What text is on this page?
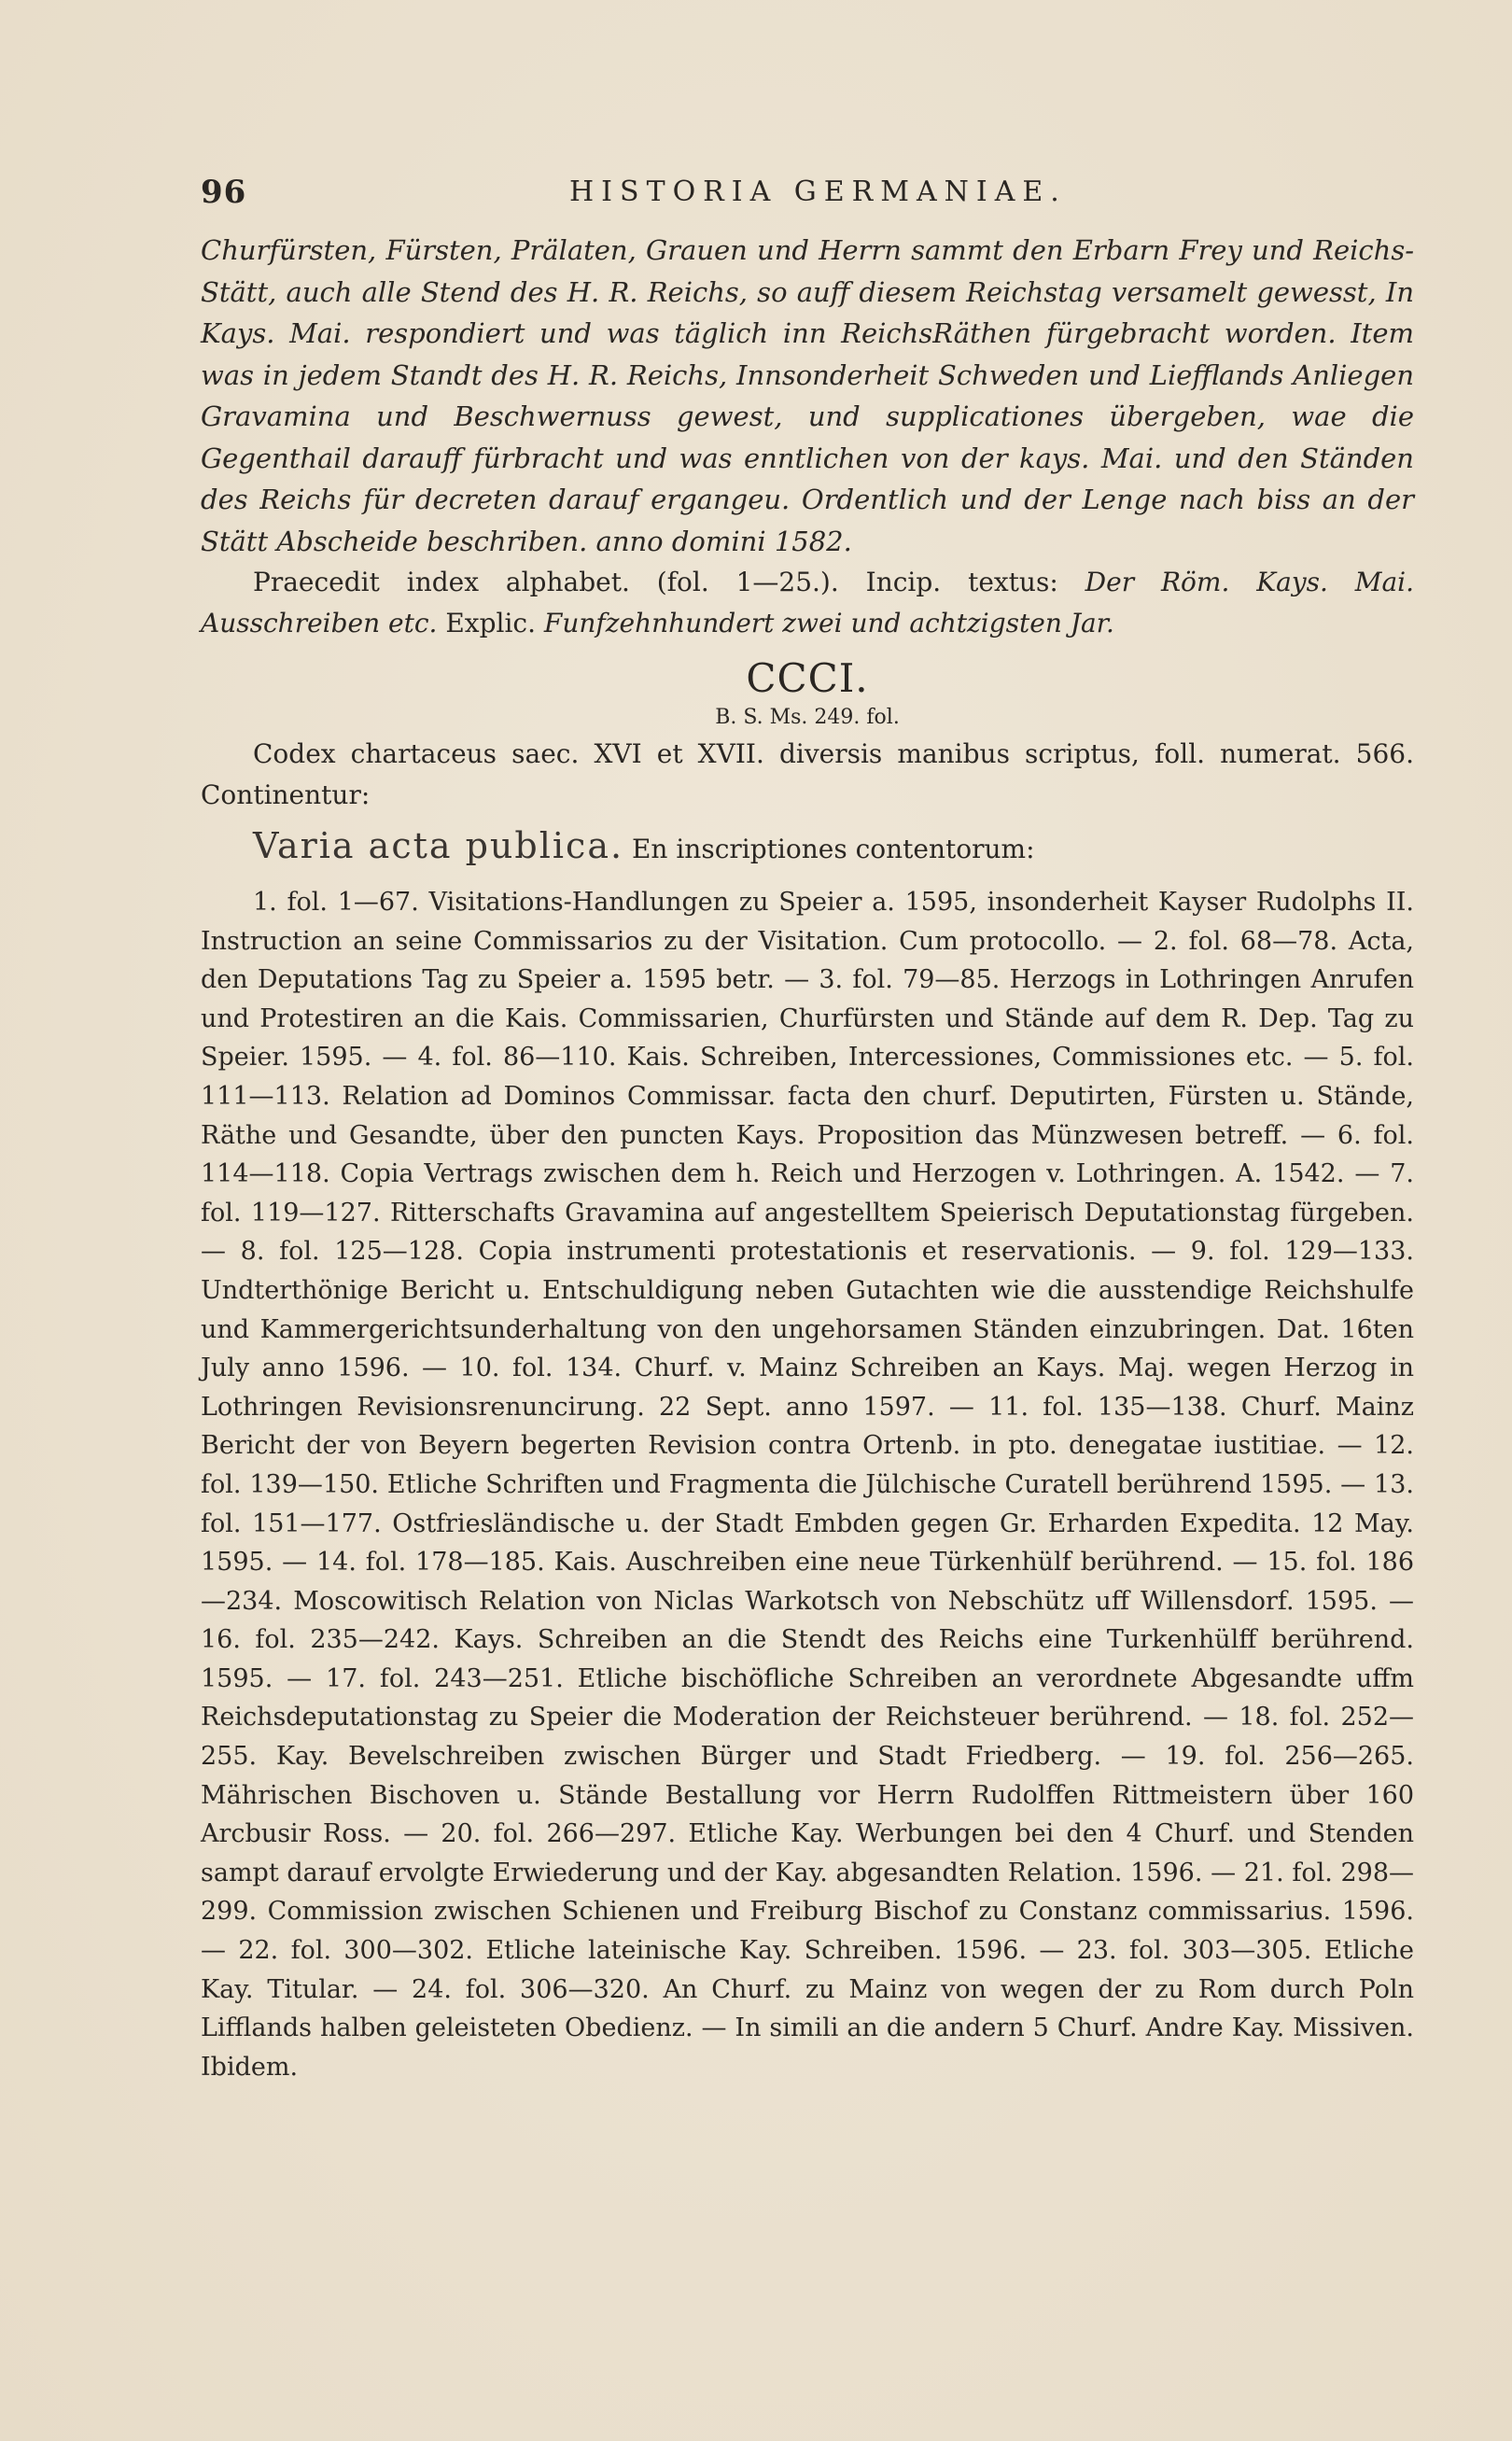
96	HISTORIA GERMANIAE.

Churfürsten, Fürsten, Prälaten, Grauen und Herrn sammt den Erbarn Frey und Reichs-Stätt, auch alle Stend des H. R. Reichs, so auff diesem Reichstag versamelt gewesst, In Kays. Mai. respondiert und was täglich inn ReichsRäthen fürgebracht worden. Item was in jedem Standt des H. R. Reichs, Innsonderheit Schweden und Liefflands Anliegen Gravamina und Beschwernuss gewest, und supplicationes übergeben, wae die Gegenthail darauff fürbracht und was enntlichen von der kays. Mai. und den Ständen des Reichs für decreten darauf ergangeu. Ordentlich und der Lenge nach biss an der Stätt Abscheide beschriben. anno domini 1582.

Praecedit index alphabet. (fol. 1—25.). Incip. textus: Der Röm. Kays. Mai. Ausschreiben etc. Explic. Funfzehnhundert zwei und achtzigsten Jar.

CCCI.

B. S. Ms. 249. fol.

Codex chartaceus saec. XVI et XVII. diversis manibus scriptus, foll. numerat. 566. Continentur:

Varia acta publica. En inscriptiones contentorum:

1. fol. 1—67. Visitations-Handlungen zu Speier a. 1595, insonderheit Kayser Rudolphs II. Instruction an seine Commissarios zu der Visitation. Cum protocollo. — 2. fol. 68—78. Acta, den Deputations Tag zu Speier a. 1595 betr. — 3. fol. 79—85. Herzogs in Lothringen Anrufen und Protestiren an die Kais. Commissarien, Churfürsten und Stände auf dem R. Dep. Tag zu Speier. 1595. — 4. fol. 86—110. Kais. Schreiben, Intercessiones, Commissiones etc. — 5. fol. 111—113. Relation ad Dominos Commissar. facta den churf. Deputirten, Fürsten u. Stände, Räthe und Gesandte, über den puncten Kays. Proposition das Münzwesen betreff. — 6. fol. 114—118. Copia Vertrags zwischen dem h. Reich und Herzogen v. Lothringen. A. 1542. — 7. fol. 119—127. Ritterschafts Gravamina auf angestelltem Speierisch Deputationstag fürgeben. — 8. fol. 125—128. Copia instrumenti protestationis et reservationis. — 9. fol. 129—133. Undterthönige Bericht u. Entschuldigung neben Gutachten wie die ausstendige Reichshulfe und Kammergerichtsunderhaltung von den ungehorsamen Ständen einzubringen. Dat. 16ten July anno 1596. — 10. fol. 134. Churf. v. Mainz Schreiben an Kays. Maj. wegen Herzog in Lothringen Revisionsrenuncirung. 22 Sept. anno 1597. — 11. fol. 135—138. Churf. Mainz Bericht der von Beyern begerten Revision contra Ortenb. in pto. denegatae iustitiae. — 12. fol. 139—150. Etliche Schriften und Fragmenta die Jülchische Curatell berührend 1595. — 13. fol. 151—177. Ostfriesländische u. der Stadt Embden gegen Gr. Erharden Expedita. 12 May. 1595. — 14. fol. 178—185. Kais. Auschreiben eine neue Türkenhülf berührend. — 15. fol. 186—234. Moscowitisch Relation von Niclas Warkotsch von Nebschütz uff Willensdorf. 1595. — 16. fol. 235—242. Kays. Schreiben an die Stendt des Reichs eine Turkenhülff berührend. 1595. — 17. fol. 243—251. Etliche bischöfliche Schreiben an verordnete Abgesandte uffm Reichsdeputationstag zu Speier die Moderation der Reichsteuer berührend. — 18. fol. 252—255. Kay. Bevelschreiben zwischen Bürger und Stadt Friedberg. — 19. fol. 256—265. Mährischen Bischoven u. Stände Bestallung vor Herrn Rudolffen Rittmeistern über 160 Arcbusir Ross. — 20. fol. 266—297. Etliche Kay. Werbungen bei den 4 Churf. und Stenden sampt darauf ervolgte Erwiederung und der Kay. abgesandten Relation. 1596. — 21. fol. 298—299. Commission zwischen Schienen und Freiburg Bischof zu Constanz commissarius. 1596. — 22. fol. 300—302. Etliche lateinische Kay. Schreiben. 1596. — 23. fol. 303—305. Etliche Kay. Titular. — 24. fol. 306—320. An Churf. zu Mainz von wegen der zu Rom durch Poln Lifflands halben geleisteten Obedienz. — In simili an die andern 5 Churf. Andre Kay. Missiven. Ibidem.
